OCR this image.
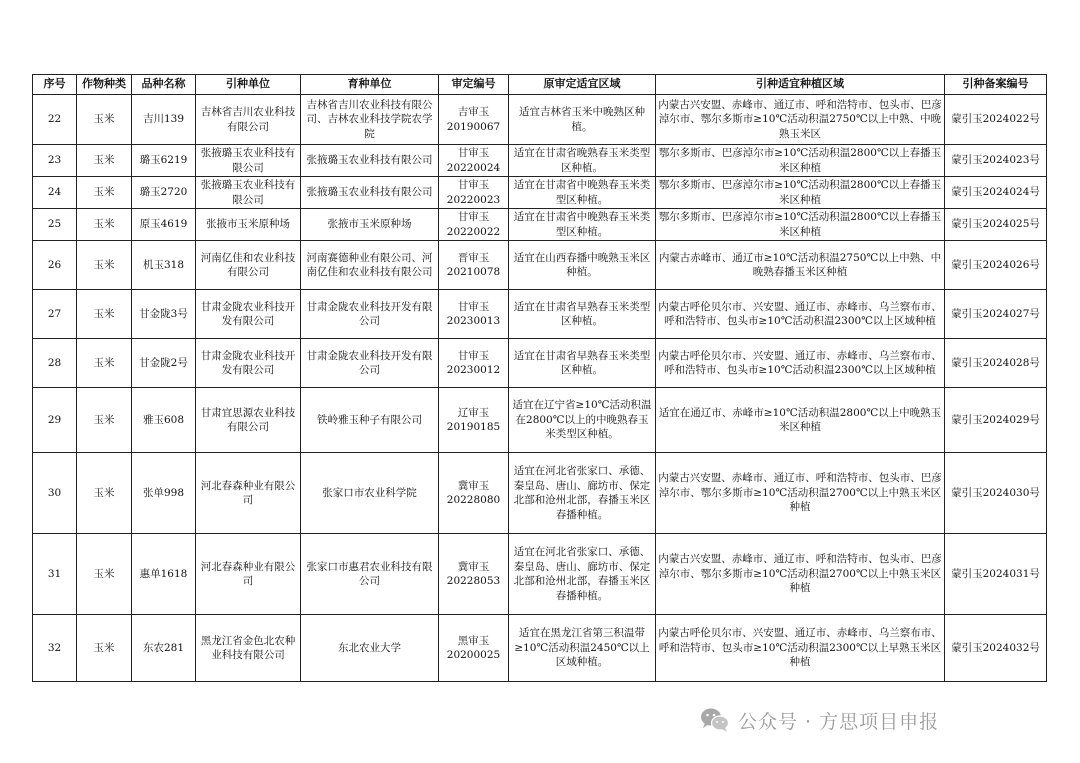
序号	作物种类	品种名称	引种单位	育种单位	审定编号	原审定适宜区域	引种适宜种植区域	引种备案编号
22	玉米	吉川139	吉林省吉川农业科技有限公司	吉林省吉川农业科技有限公司、吉林农业科技学院农学院	吉审玉20190067	适宜吉林省玉米中晚熟区种植。	内蒙古兴安盟、赤峰市、通辽市、呼和浩特市、包头市、巴彦淖尔市、鄂尔多斯市≥10℃活动积温2750℃以上中熟、中晚熟玉米区	蒙引玉2024022号
23	玉米	璐玉6219	张掖璐玉农业科技有限公司	张掖璐玉农业科技有限公司	甘审玉20220024	适宜在甘肃省晚熟春玉米类型区种植。	鄂尔多斯市、巴彦淖尔市≥10℃活动积温2800℃以上春播玉米区种植	蒙引玉2024023号
24	玉米	璐玉2720	张掖璐玉农业科技有限公司	张掖璐玉农业科技有限公司	甘审玉20220023	适宜在甘肃省中晚熟春玉米类型区种植。	鄂尔多斯市、巴彦淖尔市≥10℃活动积温2800℃以上春播玉米区种植	蒙引玉2024024号
25	玉米	原玉4619	张掖市玉米原种场	张掖市玉米原种场	甘审玉20220022	适宜在甘肃省中晚熟春玉米类型区种植。	鄂尔多斯市、巴彦淖尔市≥10℃活动积温2800℃以上春播玉米区种植	蒙引玉2024025号
26	玉米	机玉318	河南亿佳和农业科技有限公司	河南赛德种业有限公司、河南亿佳和农业科技有限公司	晋审玉20210078	适宜在山西春播中晚熟玉米区种植。	内蒙古赤峰市、通辽市≥10℃活动积温2750℃以上中熟、中晚熟春播玉米区种植	蒙引玉2024026号
27	玉米	甘金陇3号	甘肃金陇农业科技开发有限公司	甘肃金陇农业科技开发有限公司	甘审玉20230013	适宜在甘肃省早熟春玉米类型区种植。	内蒙古呼伦贝尔市、兴安盟、通辽市、赤峰市、乌兰察布市、呼和浩特市、包头市≥10℃活动积温2300℃以上区域种植	蒙引玉2024027号
28	玉米	甘金陇2号	甘肃金陇农业科技开发有限公司	甘肃金陇农业科技开发有限公司	甘审玉20230012	适宜在甘肃省早熟春玉米类型区种植。	内蒙古呼伦贝尔市、兴安盟、通辽市、赤峰市、乌兰察布市、呼和浩特市、包头市≥10℃活动积温2300℃以上区域种植	蒙引玉2024028号
29	玉米	雅玉608	甘肃宜思源农业科技有限公司	铁岭雅玉种子有限公司	辽审玉20190185	适宜在辽宁省≥10℃活动积温在2800℃以上的中晚熟春玉米类型区种植。	适宜在通辽市、赤峰市≥10℃活动积温2800℃以上中晚熟玉米区种植	蒙引玉2024029号
30	玉米	张单998	河北春森种业有限公司	张家口市农业科学院	冀审玉20228080	适宜在河北省张家口、承德、秦皇岛、唐山、廊坊市、保定北部和沧州北部，春播玉米区春播种植。	内蒙古兴安盟、赤峰市、通辽市、呼和浩特市、包头市、巴彦淖尔市、鄂尔多斯市≥10℃活动积温2700℃以上中熟玉米区种植	蒙引玉2024030号
31	玉米	惠单1618	河北春森种业有限公司	张家口市惠君农业科技有限公司	冀审玉20228053	适宜在河北省张家口、承德、秦皇岛、唐山、廊坊市、保定北部和沧州北部，春播玉米区春播种植。	内蒙古兴安盟、赤峰市、通辽市、呼和浩特市、包头市、巴彦淖尔市、鄂尔多斯市≥10℃活动积温2700℃以上中熟玉米区种植	蒙引玉2024031号
32	玉米	东农281	黑龙江省金色北农种业科技有限公司	东北农业大学	黑审玉20200025	适宜在黑龙江省第三积温带≥10℃活动积温2450℃以上区域种植。	内蒙古呼伦贝尔市、兴安盟、通辽市、赤峰市、乌兰察布市、呼和浩特市、包头市≥10℃活动积温2300℃以上早熟玉米区种植	蒙引玉2024032号
公众号 · 方思项目申报
